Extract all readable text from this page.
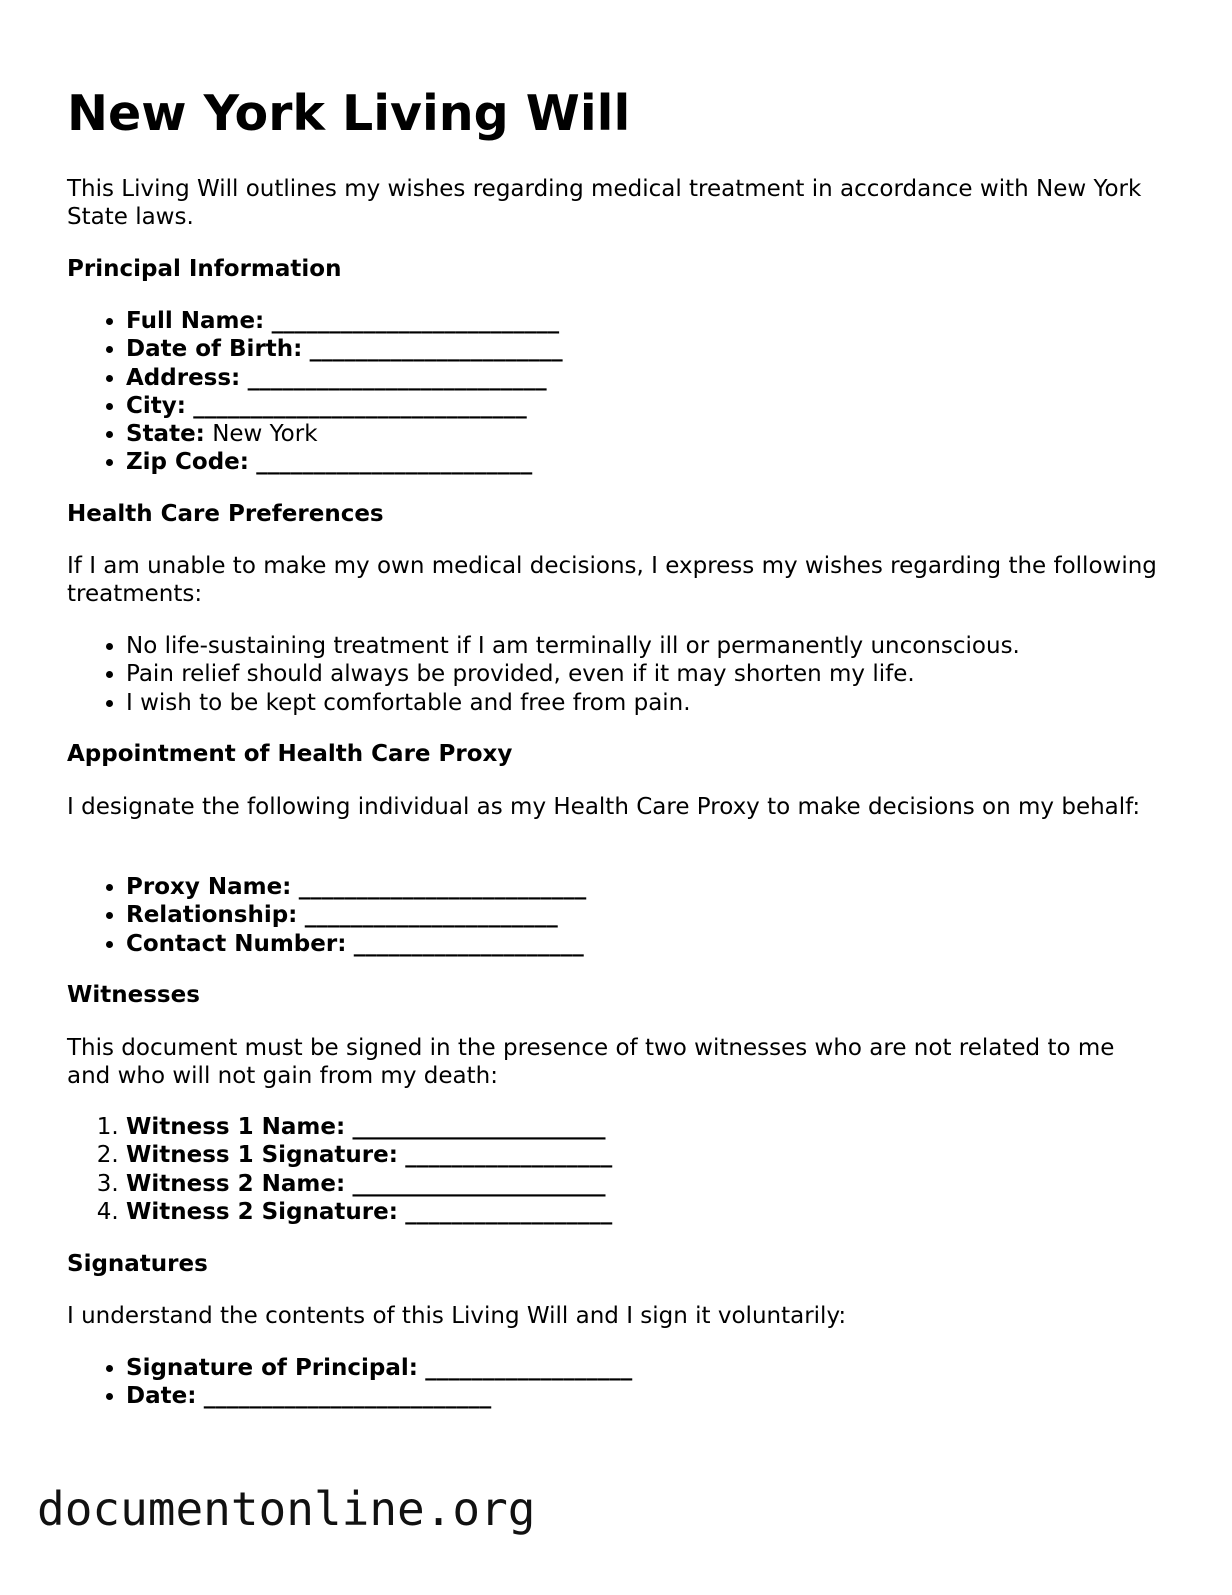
New York Living Will

This Living Will outlines my wishes regarding medical treatment in accordance with New York State laws.

Principal Information
• Full Name: _________________________
• Date of Birth: ______________________
• Address: __________________________
• City: _____________________________
• State: New York
• Zip Code: ________________________
Health Care Preferences

If I am unable to make my own medical decisions, I express my wishes regarding the following treatments:

• No life-sustaining treatment if I am terminally ill or permanently unconscious.
• Pain relief should always be provided, even if it may shorten my life.
• I wish to be kept comfortable and free from pain.
Appointment of Health Care Proxy

I designate the following individual as my Health Care Proxy to make decisions on my behalf:

• Proxy Name: _________________________
• Relationship: ______________________
• Contact Number: ____________________
Witnesses

This document must be signed in the presence of two witnesses who are not related to me and who will not gain from my death:

1. Witness 1 Name: ______________________
2. Witness 1 Signature: __________________
3. Witness 2 Name: ______________________
4. Witness 2 Signature: __________________
Signatures

I understand the contents of this Living Will and I sign it voluntarily:

• Signature of Principal: __________________
• Date: _________________________
documentonline.org
